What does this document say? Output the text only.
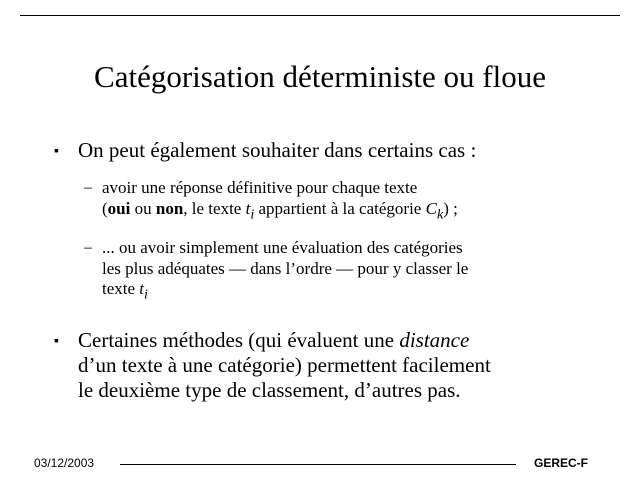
Catégorisation déterministe ou floue
▪ On peut également souhaiter dans certains cas :
– avoir une réponse définitive pour chaque texte
(oui ou non, le texte $t_i$ appartient à la catégorie $C_k$) ;
– ... ou avoir simplement une évaluation des catégories
les plus adéquates — dans l’ordre — pour y classer le
texte $t_i$
▪ Certaines méthodes (qui évaluent une distance
d’un texte à une catégorie) permettent facilement
le deuxième type de classement, d’autres pas.
03/12/2003	GEREC-F
